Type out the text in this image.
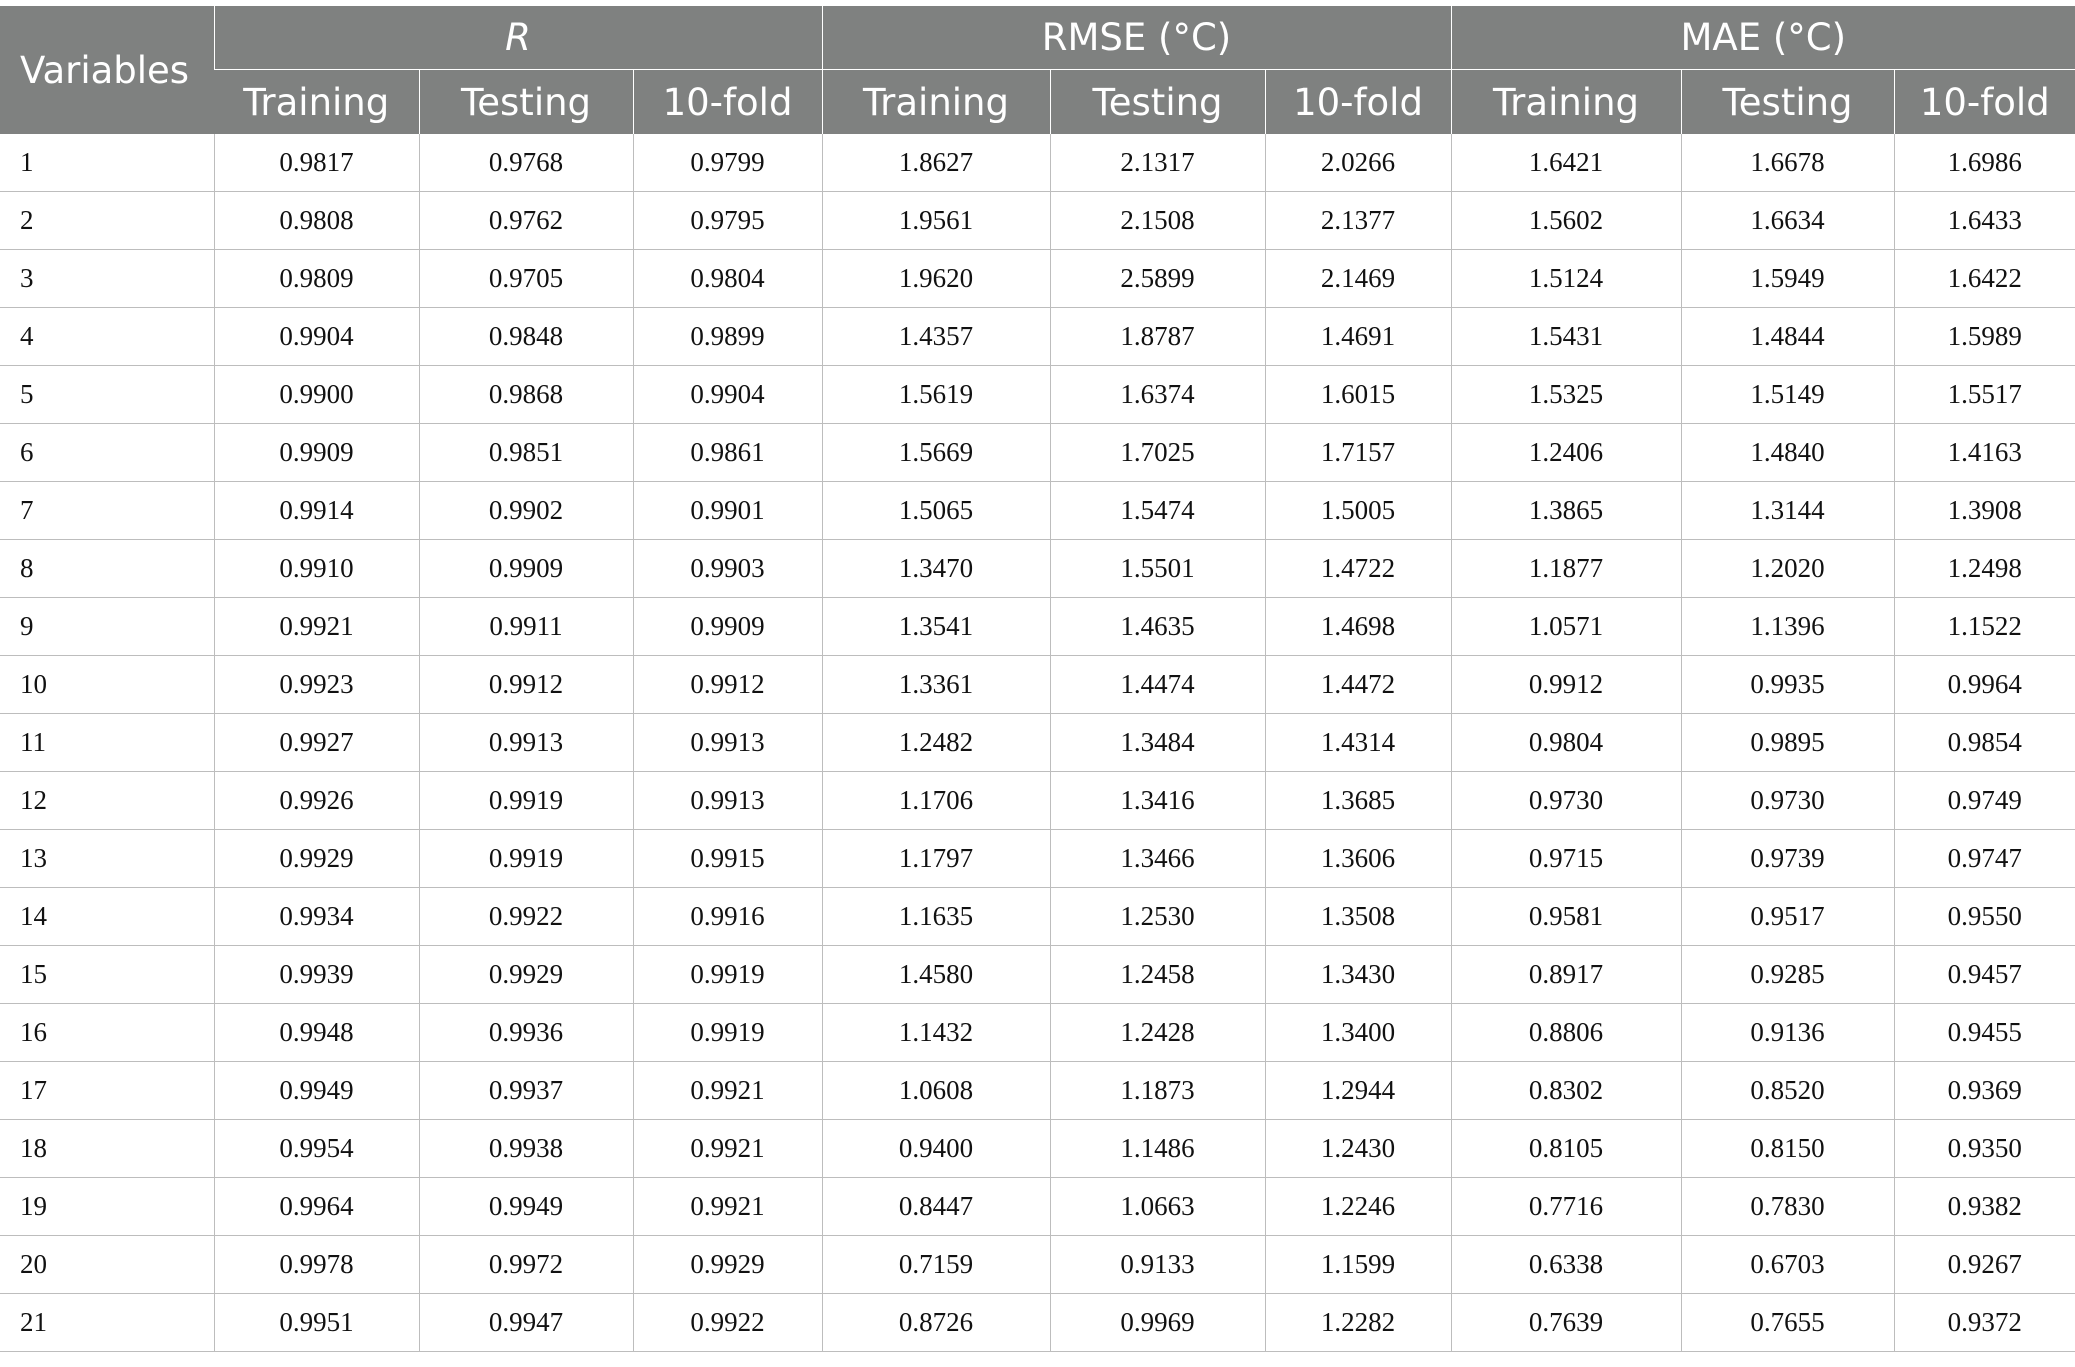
Variables	R			RMSE (°C)			MAE (°C)		
	Training	Testing	10-fold	Training	Testing	10-fold	Training	Testing	10-fold
1	0.9817	0.9768	0.9799	1.8627	2.1317	2.0266	1.6421	1.6678	1.6986
2	0.9808	0.9762	0.9795	1.9561	2.1508	2.1377	1.5602	1.6634	1.6433
3	0.9809	0.9705	0.9804	1.9620	2.5899	2.1469	1.5124	1.5949	1.6422
4	0.9904	0.9848	0.9899	1.4357	1.8787	1.4691	1.5431	1.4844	1.5989
5	0.9900	0.9868	0.9904	1.5619	1.6374	1.6015	1.5325	1.5149	1.5517
6	0.9909	0.9851	0.9861	1.5669	1.7025	1.7157	1.2406	1.4840	1.4163
7	0.9914	0.9902	0.9901	1.5065	1.5474	1.5005	1.3865	1.3144	1.3908
8	0.9910	0.9909	0.9903	1.3470	1.5501	1.4722	1.1877	1.2020	1.2498
9	0.9921	0.9911	0.9909	1.3541	1.4635	1.4698	1.0571	1.1396	1.1522
10	0.9923	0.9912	0.9912	1.3361	1.4474	1.4472	0.9912	0.9935	0.9964
11	0.9927	0.9913	0.9913	1.2482	1.3484	1.4314	0.9804	0.9895	0.9854
12	0.9926	0.9919	0.9913	1.1706	1.3416	1.3685	0.9730	0.9730	0.9749
13	0.9929	0.9919	0.9915	1.1797	1.3466	1.3606	0.9715	0.9739	0.9747
14	0.9934	0.9922	0.9916	1.1635	1.2530	1.3508	0.9581	0.9517	0.9550
15	0.9939	0.9929	0.9919	1.4580	1.2458	1.3430	0.8917	0.9285	0.9457
16	0.9948	0.9936	0.9919	1.1432	1.2428	1.3400	0.8806	0.9136	0.9455
17	0.9949	0.9937	0.9921	1.0608	1.1873	1.2944	0.8302	0.8520	0.9369
18	0.9954	0.9938	0.9921	0.9400	1.1486	1.2430	0.8105	0.8150	0.9350
19	0.9964	0.9949	0.9921	0.8447	1.0663	1.2246	0.7716	0.7830	0.9382
20	0.9978	0.9972	0.9929	0.7159	0.9133	1.1599	0.6338	0.6703	0.9267
21	0.9951	0.9947	0.9922	0.8726	0.9969	1.2282	0.7639	0.7655	0.9372
